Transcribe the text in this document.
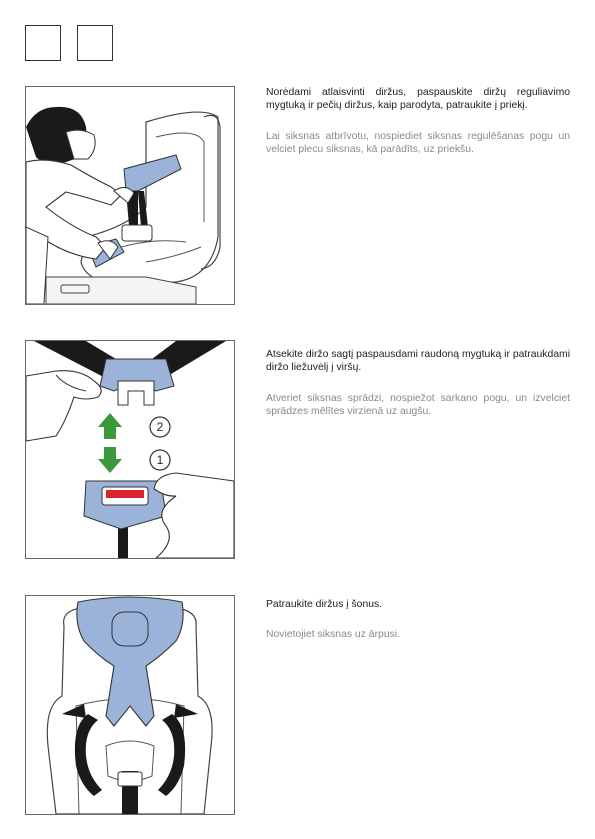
Norėdami atlaisvinti diržus, paspauskite diržų reguliavimo mygtuką ir pečių diržus, kaip parodyta, patraukite į priekį.
Lai siksnas atbrīvotu, nospiediet siksnas regulēšanas pogu un velciet plecu siksnas, kā parādīts, uz priekšu.
2
1
Atsekite diržo sagtį paspausdami raudoną mygtuką ir patraukdami diržo liežuvėlį į viršų.
Atveriet siksnas sprādzi, nospiežot sarkano pogu, un izvelciet sprādzes mēlītes virzienā uz augšu.
Patraukite diržus į šonus.
Novietojiet siksnas uz ārpusi.
